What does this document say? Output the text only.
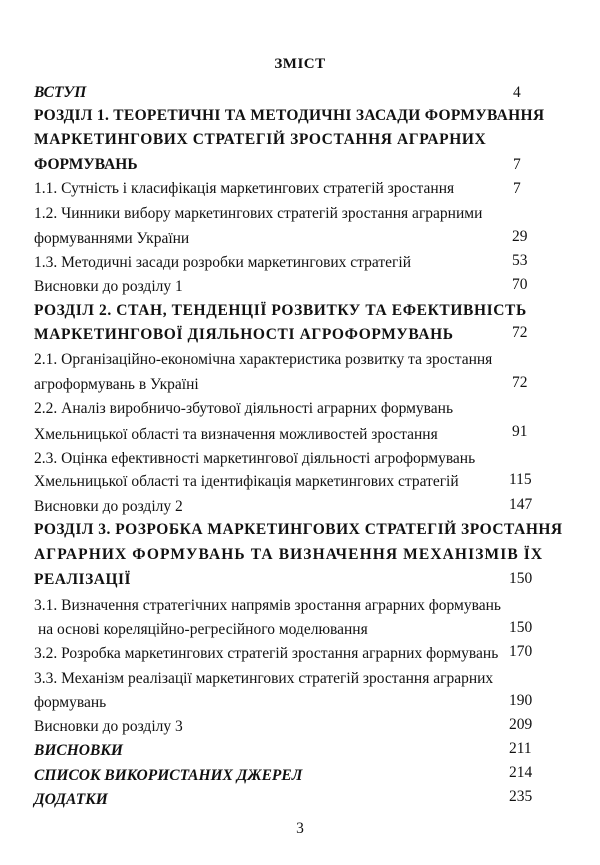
ЗМІСТ
ВСТУП	4
РОЗДІЛ 1. ТЕОРЕТИЧНІ ТА МЕТОДИЧНІ ЗАСАДИ ФОРМУВАННЯ
МАРКЕТИНГОВИХ СТРАТЕГІЙ ЗРОСТАННЯ АГРАРНИХ
ФОРМУВАНЬ	7
1.1. Сутність і класифікація маркетингових стратегій зростання	7
1.2. Чинники вибору маркетингових стратегій зростання аграрними
формуваннями України	29
1.3. Методичні засади розробки маркетингових стратегій	53
Висновки до розділу 1	70
РОЗДІЛ 2. СТАН, ТЕНДЕНЦІЇ РОЗВИТКУ ТА ЕФЕКТИВНІСТЬ
МАРКЕТИНГОВОЇ ДІЯЛЬНОСТІ АГРОФОРМУВАНЬ	72
2.1. Організаційно-економічна характеристика розвитку та зростання
агроформувань в Україні	72
2.2. Аналіз виробничо-збутової діяльності аграрних формувань
Хмельницької області та визначення можливостей зростання	91
2.3. Оцінка ефективності маркетингової діяльності агроформувань
Хмельницької області та ідентифікація маркетингових стратегій	115
Висновки до розділу 2	147
РОЗДІЛ 3. РОЗРОБКА МАРКЕТИНГОВИХ СТРАТЕГІЙ ЗРОСТАННЯ
АГРАРНИХ ФОРМУВАНЬ ТА ВИЗНАЧЕННЯ МЕХАНІЗМІВ ЇХ
РЕАЛІЗАЦІЇ	150
3.1. Визначення стратегічних напрямів зростання аграрних формувань
на основі кореляційно-регресійного моделювання	150
3.2. Розробка маркетингових стратегій зростання аграрних формувань 170
3.3. Механізм реалізації маркетингових стратегій зростання аграрних
формувань	190
Висновки до розділу 3	209
ВИСНОВКИ	211
СПИСОК ВИКОРИСТАНИХ ДЖЕРЕЛ	214
ДОДАТКИ	235
3
